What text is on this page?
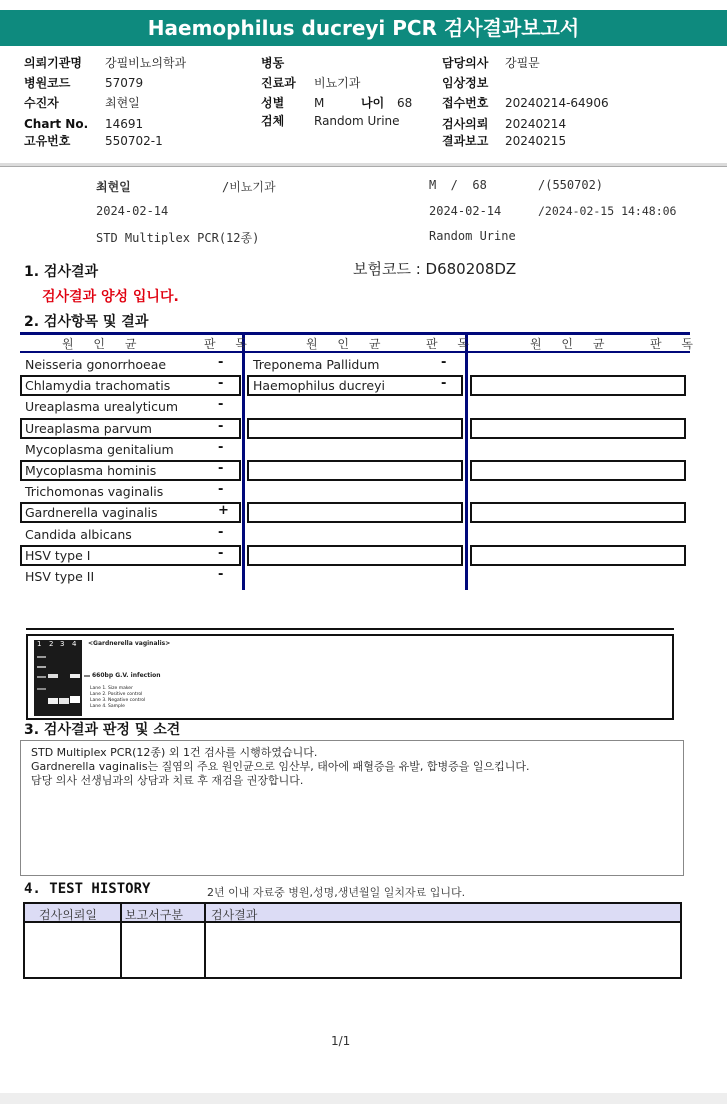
Haemophilus ducreyi PCR 검사결과보고서
의뢰기관명 강필비뇨의학과
병원코드	57079
수진자	최현일
Chart No. 14691
고유번호	550702-1
병동
진료과 비뇨기과
성별 M	나이 68
검체 Random Urine
담당의사 강필문
임상정보
접수번호 20240214-64906
검사의뢰 20240214
결과보고 20240215
최현일	/비뇨기과	M  /  68	/(550702)
2024-02-14	2024-02-14	/2024-02-15 14:48:06
STD Multiplex PCR(12종)	Random Urine
1. 검사결과	보험코드 : D680208DZ
검사결과 양성 입니다.
2. 검사항목 및 결과
원 인 균	판 독	원 인 균	판 독	원 인 균	판 독
Neisseria gonorrhoeae	-
Chlamydia trachomatis	-
Ureaplasma urealyticum	-
Ureaplasma parvum	-
Mycoplasma genitalium	-
Mycoplasma hominis	-
Trichomonas vaginalis	-
Gardnerella vaginalis	+
Candida albicans	-
HSV type I	-
HSV type II	-
Treponema Pallidum	-
Haemophilus ducreyi	-
1 2 3 4 <Gardnerella vaginalis>
660bp G.V. infection
Lane 1. Size maker
Lane 2. Positive control
Lane 3. Negative control
Lane 4. Sample
3. 검사결과 판정 및 소견
STD Multiplex PCR(12종) 외 1건 검사를 시행하였습니다.
Gardnerella vaginalis는 질염의 주요 원인균으로 임산부, 태아에 패혈증을 유발, 합병증을 일으킵니다.
담당 의사 선생님과의 상담과 치료 후 재검을 권장합니다.
4. TEST HISTORY	2년 이내 자료중 병원,성명,생년월일 일치자료 입니다.
검사의뢰일 보고서구분 검사결과
1/1
